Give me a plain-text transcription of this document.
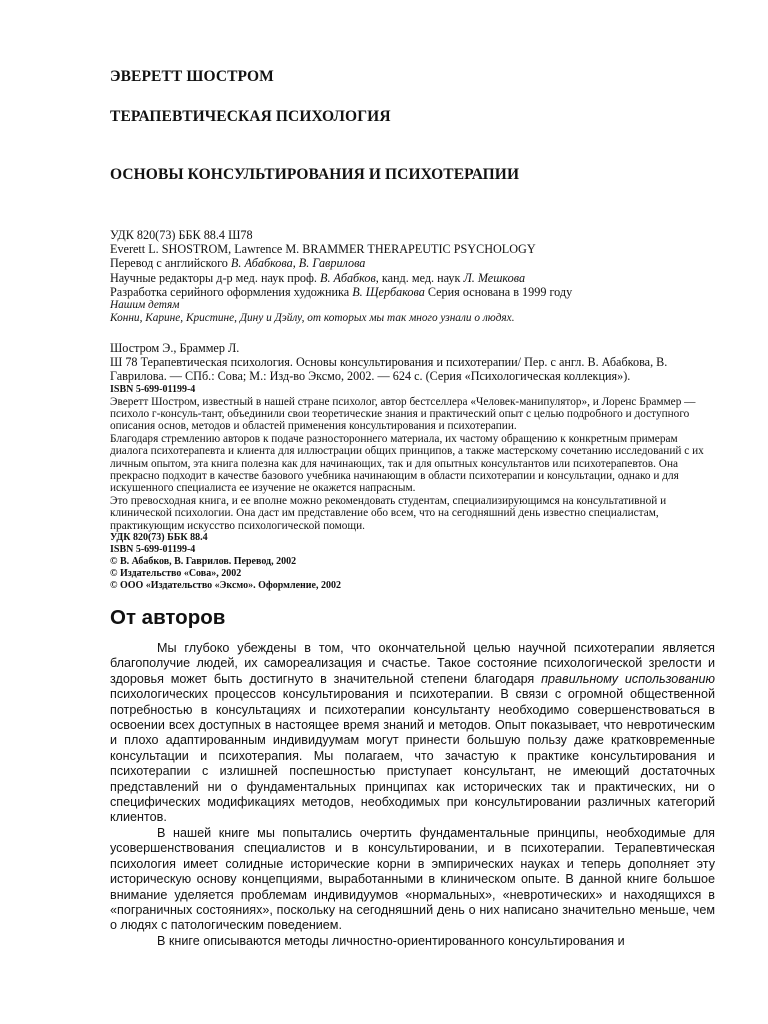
ЭВЕРЕТТ ШОСТРОМ
ТЕРАПЕВТИЧЕСКАЯ ПСИХОЛОГИЯ
ОСНОВЫ КОНСУЛЬТИРОВАНИЯ И ПСИХОТЕРАПИИ
УДК 820(73) ББК 88.4 Ш78
Everett L. SHOSTROM, Lawrence M. BRAMMER THERAPEUTIC PSYCHOLOGY
Перевод с английского В. Абабкова, В. Гаврилова
Научные редакторы д-р мед. наук проф. В. Абабков, канд. мед. наук Л. Мешкова
Разработка серийного оформления художника В. Щербакова Серия основана в 1999 году
Нашим детям
Конни, Карине, Кристине, Дину и Дэйлу, от которых мы так много узнали о людях.
Шостром Э., Браммер Л.
Ш 78 Терапевтическая психология. Основы консультирования и психотерапии/ Пер. с англ. В. Абабкова, В. Гаврилова. — СПб.: Сова; М.: Изд-во Эксмо, 2002. — 624 с. (Серия «Психологическая коллекция»).
ISBN 5-699-01199-4
Эверетт Шостром, известный в нашей стране психолог, автор бестселлера «Человек-манипулятор», и Лоренс Браммер — психоло г-консуль-тант, объединили свои теоретические знания и практический опыт с целью подробного и доступного описания основ, методов и областей применения консультирования и психотерапии.
Благодаря стремлению авторов к подаче разностороннего материала, их частому обращению к конкретным примерам диалога психотерапевта и клиента для иллюстрации общих принципов, а также мастерскому сочетанию исследований с их личным опытом, эта книга полезна как для начинающих, так и для опытных консультантов или психотерапевтов. Она прекрасно подходит в качестве базового учебника начинающим в области психотерапии и консультации, однако и для искушенного специалиста ее изучение не окажется напрасным.
Это превосходная книга, и ее вполне можно рекомендовать студентам, специализирующимся на консультативной и клинической психологии. Она даст им представление обо всем, что на сегодняшний день известно специалистам, практикующим искусство психологической помощи.
УДК 820(73) ББК 88.4
ISBN 5-699-01199-4
© В. Абабков, В. Гаврилов. Перевод, 2002
© Издательство «Сова», 2002
© ООО «Издательство «Эксмо». Оформление, 2002
От авторов

Мы глубоко убеждены в том, что окончательной целью научной психотерапии является благополучие людей, их самореализация и счастье. Такое состояние психологической зрелости и здоровья может быть достигнуто в значительной степени благодаря правильному использованию психологических процессов консультирования и психотерапии. В связи с огромной общественной потребностью в консультациях и психотерапии консультанту необходимо совершенствоваться в освоении всех доступных в настоящее время знаний и методов. Опыт показывает, что невротическим и плохо адаптированным индивидуумам могут принести большую пользу даже кратковременные консультации и психотерапия. Мы полагаем, что зачастую к практике консультирования и психотерапии с излишней поспешностью приступает консультант, не имеющий достаточных представлений ни о фундаментальных принципах как исторических так и практических, ни о специфических модификациях методов, необходимых при консультировании различных категорий клиентов.

В нашей книге мы попытались очертить фундаментальные принципы, необходимые для усовершенствования специалистов и в консультировании, и в психотерапии. Терапевтическая психология имеет солидные исторические корни в эмпирических науках и теперь дополняет эту историческую основу концепциями, выработанными в клиническом опыте. В данной книге большое внимание уделяется проблемам индивидуумов «нормальных», «невротических» и находящихся в «пограничных состояниях», поскольку на сегодняшний день о них написано значительно меньше, чем о людях с патологическим поведением.

В книге описываются методы личностно-ориентированного консультирования и
